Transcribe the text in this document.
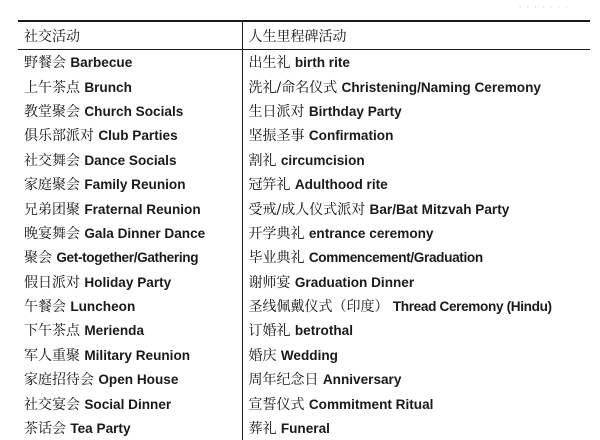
 · · · · · · ·
社交活动	人生里程碑活动
野餐会 Barbecue	出生礼 birth rite
上午茶点 Brunch	洗礼/命名仪式 Christening/Naming Ceremony
教堂聚会 Church Socials	生日派对 Birthday Party
俱乐部派对 Club Parties	坚振圣事 Confirmation
社交舞会 Dance Socials	割礼 circumcision
家庭聚会 Family Reunion	冠笄礼 Adulthood rite
兄弟团聚 Fraternal Reunion	受戒/成人仪式派对 Bar/Bat Mitzvah Party
晚宴舞会 Gala Dinner Dance	开学典礼 entrance ceremony
聚会 Get-together/Gathering	毕业典礼 Commencement/Graduation
假日派对 Holiday Party	谢师宴 Graduation Dinner
午餐会 Luncheon	圣线佩戴仪式（印度） Thread Ceremony (Hindu)
下午茶点 Merienda	订婚礼 betrothal
军人重聚 Military Reunion	婚庆 Wedding
家庭招待会 Open House	周年纪念日 Anniversary
社交宴会 Social Dinner	宣誓仪式 Commitment Ritual
茶话会 Tea Party	葬礼 Funeral
